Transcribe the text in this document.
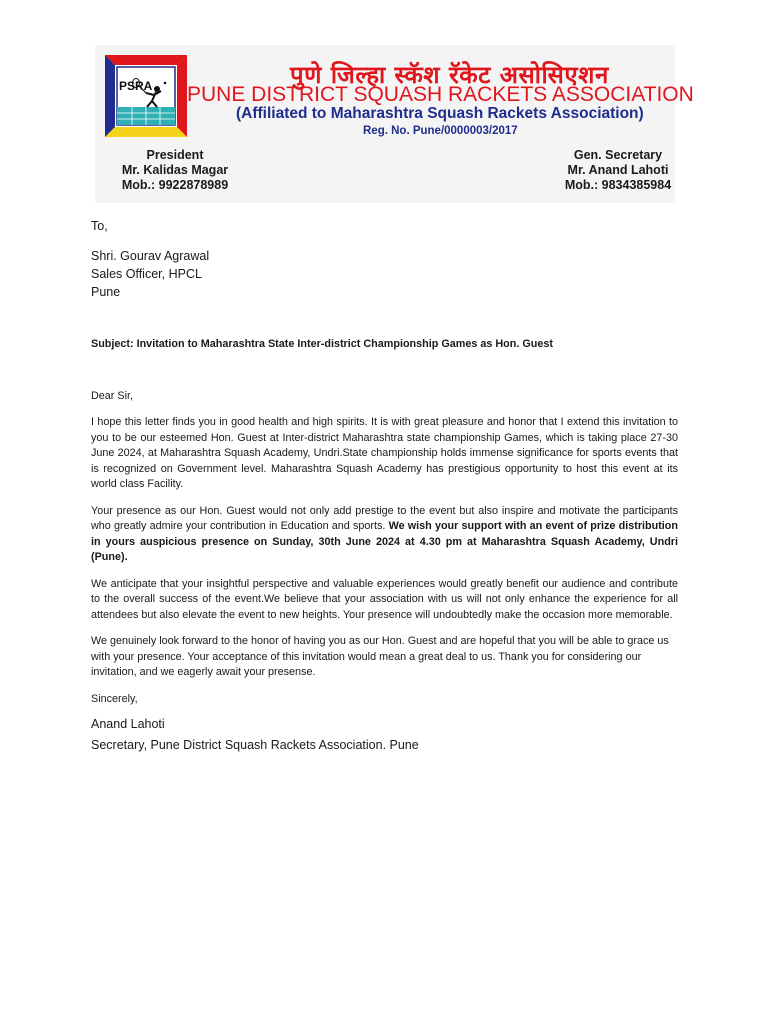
PSRA	पुणे जिल्हा स्कॅश रॅकेट असोसिएशन
PUNE DISTRICT SQUASH RACKETS ASSOCIATION
(Affiliated to Maharashtra Squash Rackets Association)
Reg. No. Pune/0000003/2017
President
Mr. Kalidas Magar
Mob.: 9922878989
Gen. Secretary
Mr. Anand Lahoti
Mob.: 9834385984

To,

Shri. Gourav Agrawal

Sales Officer, HPCL

Pune

Subject: Invitation to Maharashtra State Inter-district Championship Games as Hon. Guest

Dear Sir,

I hope this letter finds you in good health and high spirits. It is with great pleasure and honor that I extend this invitation to you to be our esteemed Hon. Guest at Inter-district Maharashtra state championship Games, which is taking place 27-30 June 2024, at Maharashtra Squash Academy, Undri.State championship holds immense significance for sports events that is recognized on Government level. Maharashtra Squash Academy has prestigious opportunity to host this event at its world class Facility.

Your presence as our Hon. Guest would not only add prestige to the event but also inspire and motivate the participants who greatly admire your contribution in Education and sports. We wish your support with an event of prize distribution in yours auspicious presence on Sunday, 30th June 2024 at 4.30 pm at Maharashtra Squash Academy, Undri (Pune).

We anticipate that your insightful perspective and valuable experiences would greatly benefit our audience and contribute to the overall success of the event.We believe that your association with us will not only enhance the experience for all attendees but also elevate the event to new heights. Your presence will undoubtedly make the occasion more memorable.

We genuinely look forward to the honor of having you as our Hon. Guest and are hopeful that you will be able to grace us with your presence. Your acceptance of this invitation would mean a great deal to us. Thank you for considering our invitation, and we eagerly await your presense.

Sincerely,

Anand Lahoti

Secretary, Pune District Squash Rackets Association. Pune
